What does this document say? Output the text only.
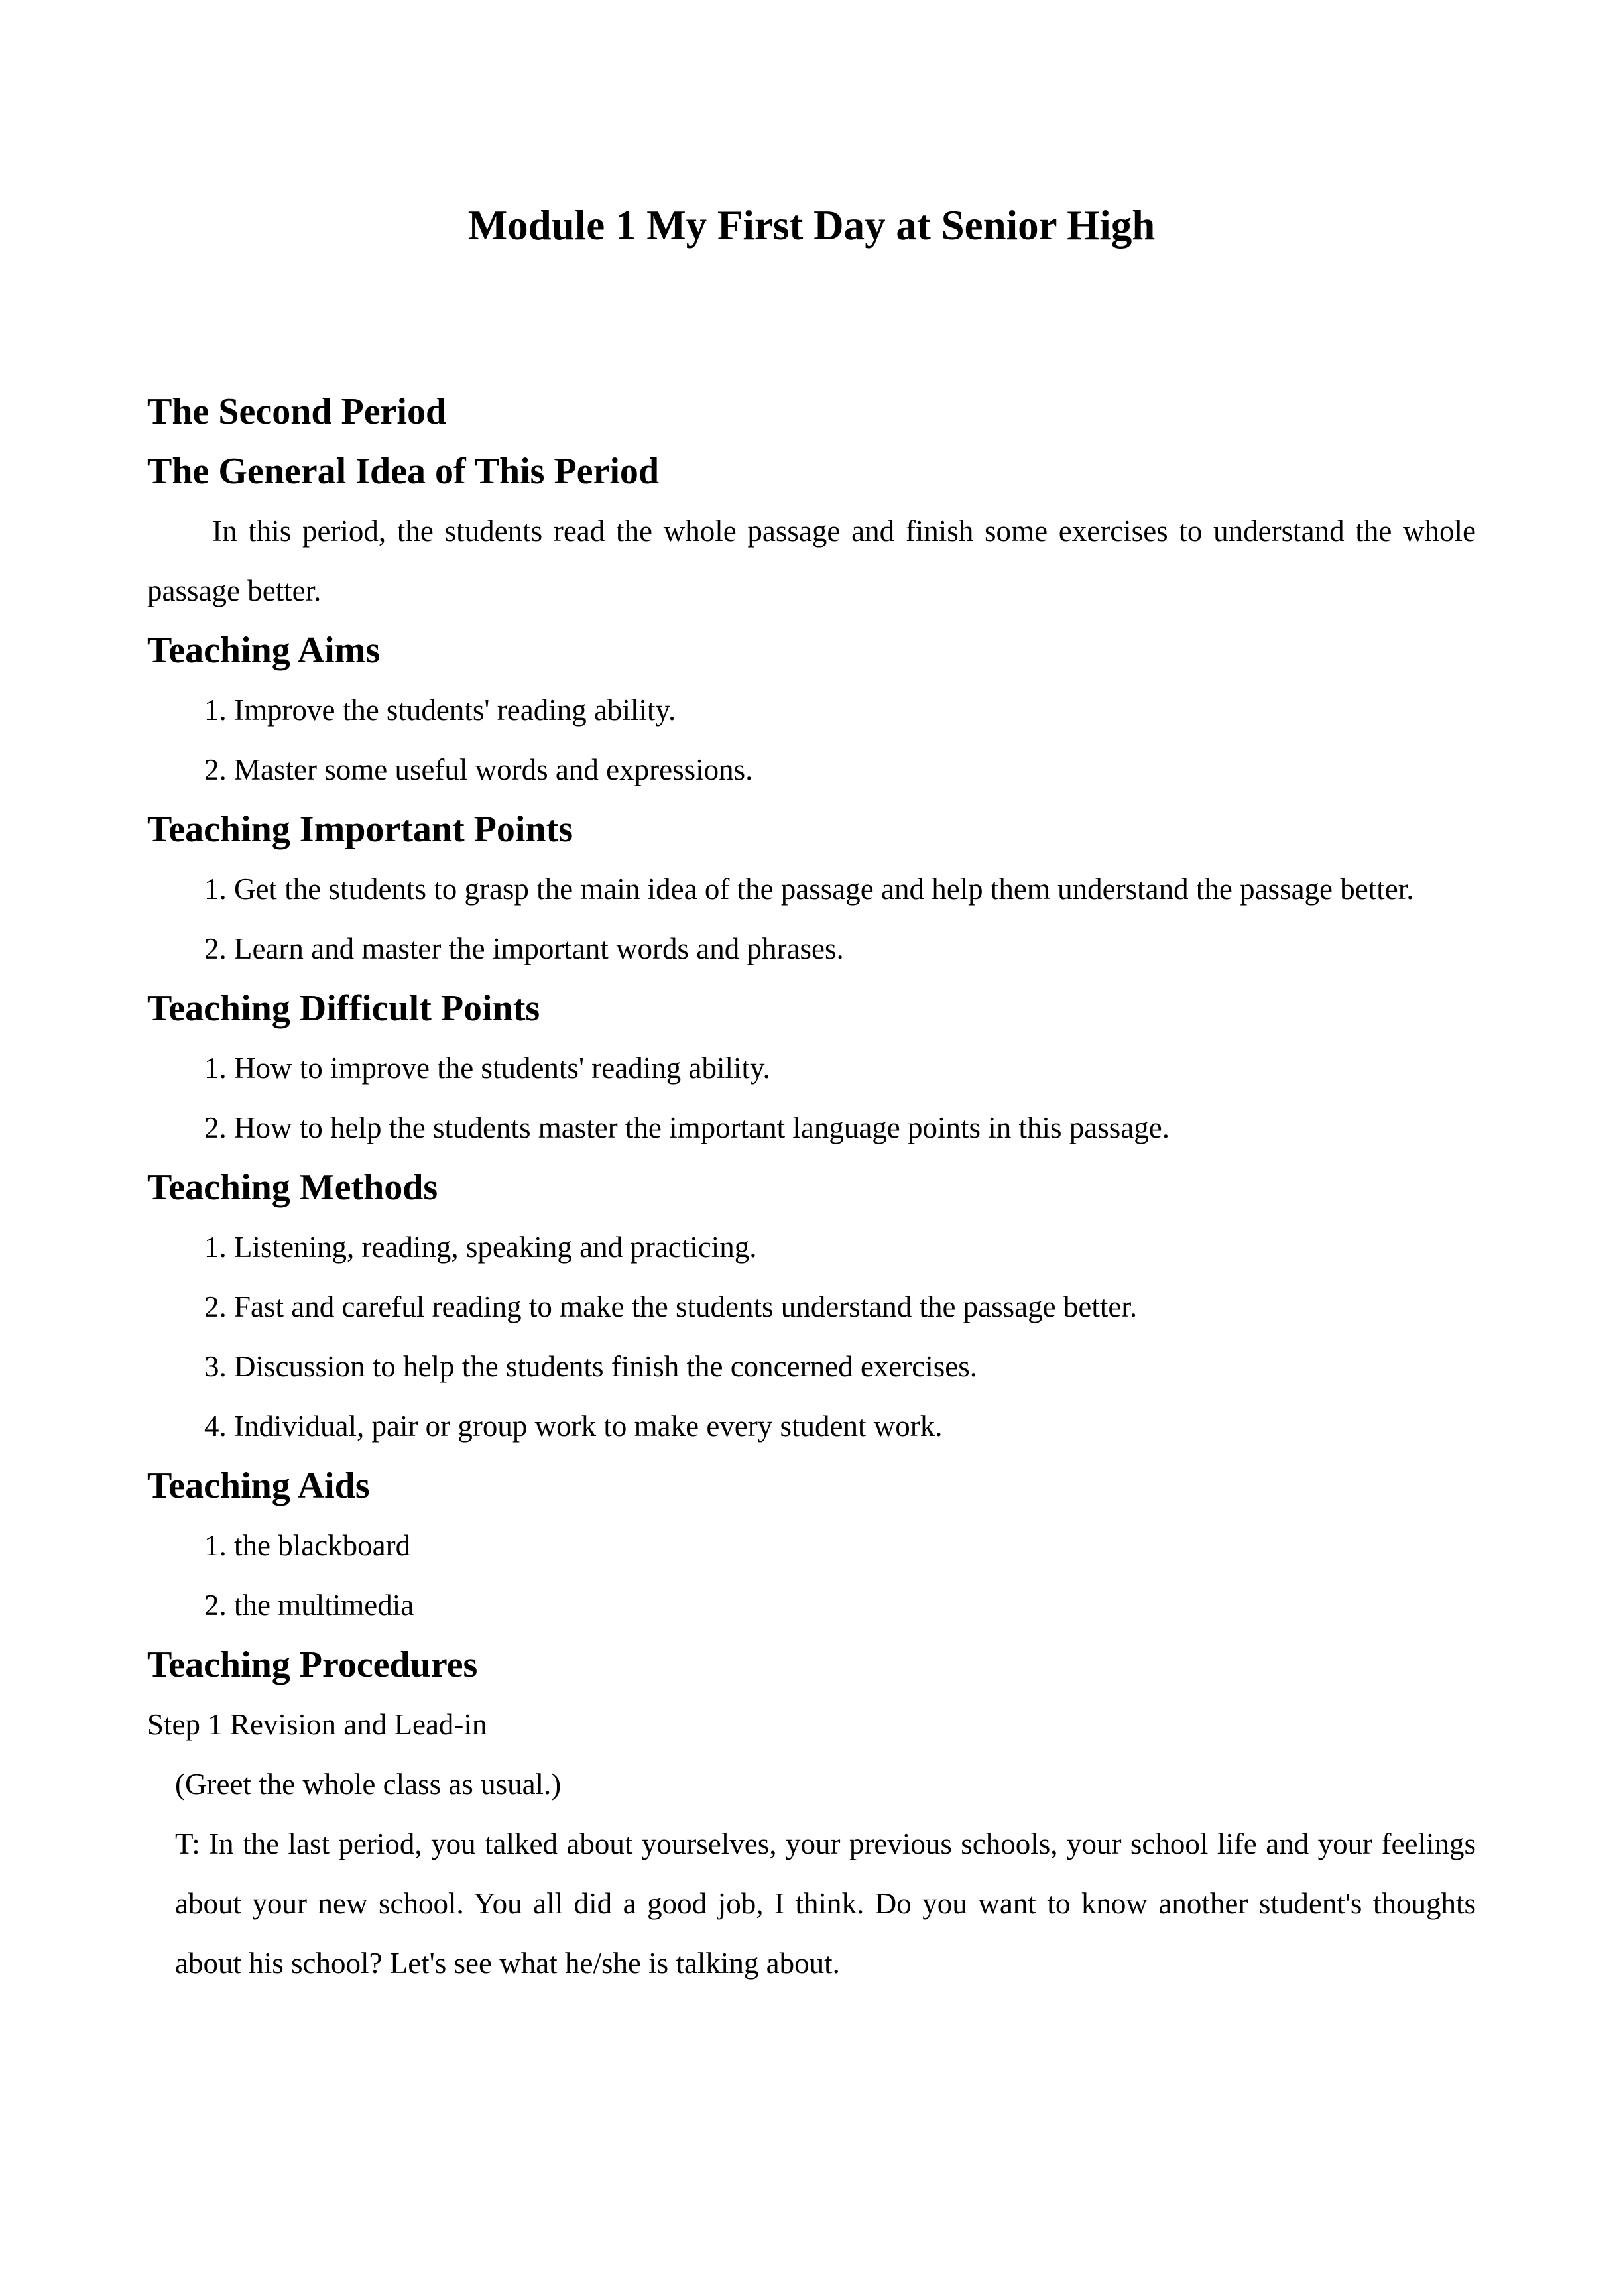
Module 1 My First Day at Senior High
The Second Period
The General Idea of This Period

In this period, the students read the whole passage and finish some exercises to understand the whole passage better.

Teaching Aims

1. Improve the students' reading ability.

2. Master some useful words and expressions.

Teaching Important Points

1. Get the students to grasp the main idea of the passage and help them understand the passage better.

2. Learn and master the important words and phrases.

Teaching Difficult Points

1. How to improve the students' reading ability.

2. How to help the students master the important language points in this passage.

Teaching Methods

1. Listening, reading, speaking and practicing.

2. Fast and careful reading to make the students understand the passage better.

3. Discussion to help the students finish the concerned exercises.

4. Individual, pair or group work to make every student work.

Teaching Aids

1. the blackboard

2. the multimedia

Teaching Procedures

Step 1 Revision and Lead-in

(Greet the whole class as usual.)

T: In the last period, you talked about yourselves, your previous schools, your school life and your feelings about your new school. You all did a good job, I think. Do you want to know another student's thoughts about his school? Let's see what he/she is talking about.
